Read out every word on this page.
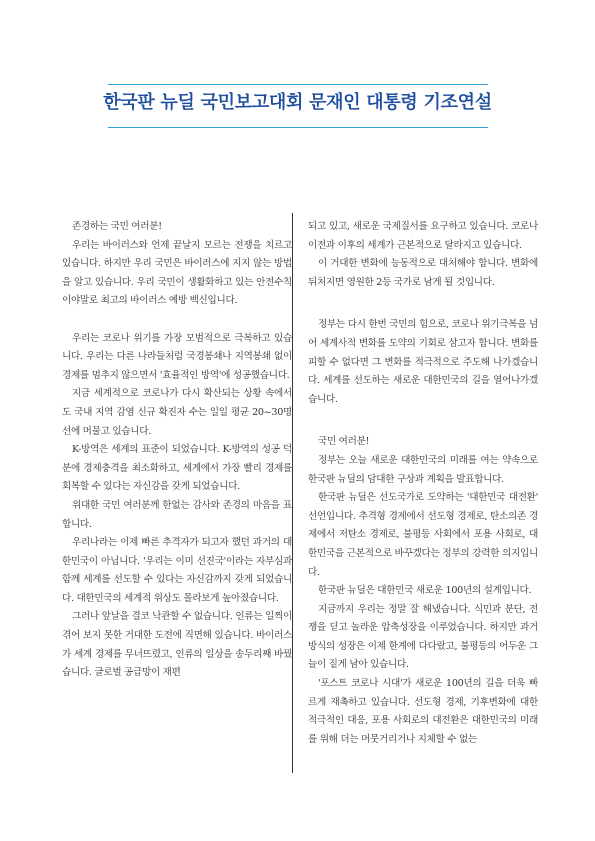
한국판 뉴딜 국민보고대회 문재인 대통령 기조연설

존경하는 국민 여러분!

우리는 바이러스와 언제 끝날지 모르는 전쟁을 치르고 있습니다. 하지만 우리 국민은 바이러스에 지지 않는 방법을 알고 있습니다. 우리 국민이 생활화하고 있는 안전수칙이야말로 최고의 바이러스 예방 백신입니다.

우리는 코로나 위기를 가장 모범적으로 극복하고 있습니다. 우리는 다른 나라들처럼 국경봉쇄나 지역봉쇄 없이 경제를 멈추지 않으면서 '효율적인 방역'에 성공했습니다.

지금 세계적으로 코로나가 다시 확산되는 상황 속에서도 국내 지역 감염 신규 확진자 수는 일일 평균 20~30명 선에 머물고 있습니다.

K-방역은 세계의 표준이 되었습니다. K-방역의 성공 덕분에 경제충격을 최소화하고, 세계에서 가장 빨리 경제를 회복할 수 있다는 자신감을 갖게 되었습니다.

위대한 국민 여러분께 한없는 감사와 존경의 마음을 표합니다.

우리나라는 이제 빠른 추격자가 되고자 했던 과거의 대한민국이 아닙니다. '우리는 이미 선진국'이라는 자부심과 함께 세계를 선도할 수 있다는 자신감까지 갖게 되었습니다. 대한민국의 세계적 위상도 몰라보게 높아졌습니다.

그러나 앞날을 결코 낙관할 수 없습니다. 인류는 일찍이 겪어 보지 못한 거대한 도전에 직면해 있습니다. 바이러스가 세계 경제를 무너뜨렸고, 인류의 일상을 송두리째 바꿨습니다. 글로벌 공급망이 재편

되고 있고, 새로운 국제질서를 요구하고 있습니다. 코로나 이전과 이후의 세계가 근본적으로 달라지고 있습니다.

이 거대한 변화에 능동적으로 대처해야 합니다. 변화에 뒤처지면 영원한 2등 국가로 남게 될 것입니다.

정부는 다시 한번 국민의 힘으로, 코로나 위기극복을 넘어 세계사적 변화를 도약의 기회로 삼고자 합니다. 변화를 피할 수 없다면 그 변화를 적극적으로 주도해 나가겠습니다. 세계를 선도하는 새로운 대한민국의 길을 열어나가겠습니다.

국민 여러분!

정부는 오늘 새로운 대한민국의 미래를 여는 약속으로 한국판 뉴딜의 담대한 구상과 계획을 발표합니다.

한국판 뉴딜은 선도국가로 도약하는 '대한민국 대전환' 선언입니다. 추격형 경제에서 선도형 경제로, 탄소의존 경제에서 저탄소 경제로, 불평등 사회에서 포용 사회로, 대한민국을 근본적으로 바꾸겠다는 정부의 강력한 의지입니다.

한국판 뉴딜은 대한민국 새로운 100년의 설계입니다.

지금까지 우리는 정말 잘 해냈습니다. 식민과 분단, 전쟁을 딛고 놀라운 압축성장을 이루었습니다. 하지만 과거 방식의 성장은 이제 한계에 다다랐고, 불평등의 어두운 그늘이 짙게 남아 있습니다.

'포스트 코로나 시대'가 새로운 100년의 길을 더욱 빠르게 재촉하고 있습니다. 선도형 경제, 기후변화에 대한 적극적인 대응, 포용 사회로의 대전환은 대한민국의 미래를 위해 더는 머뭇거리거나 지체할 수 없는
